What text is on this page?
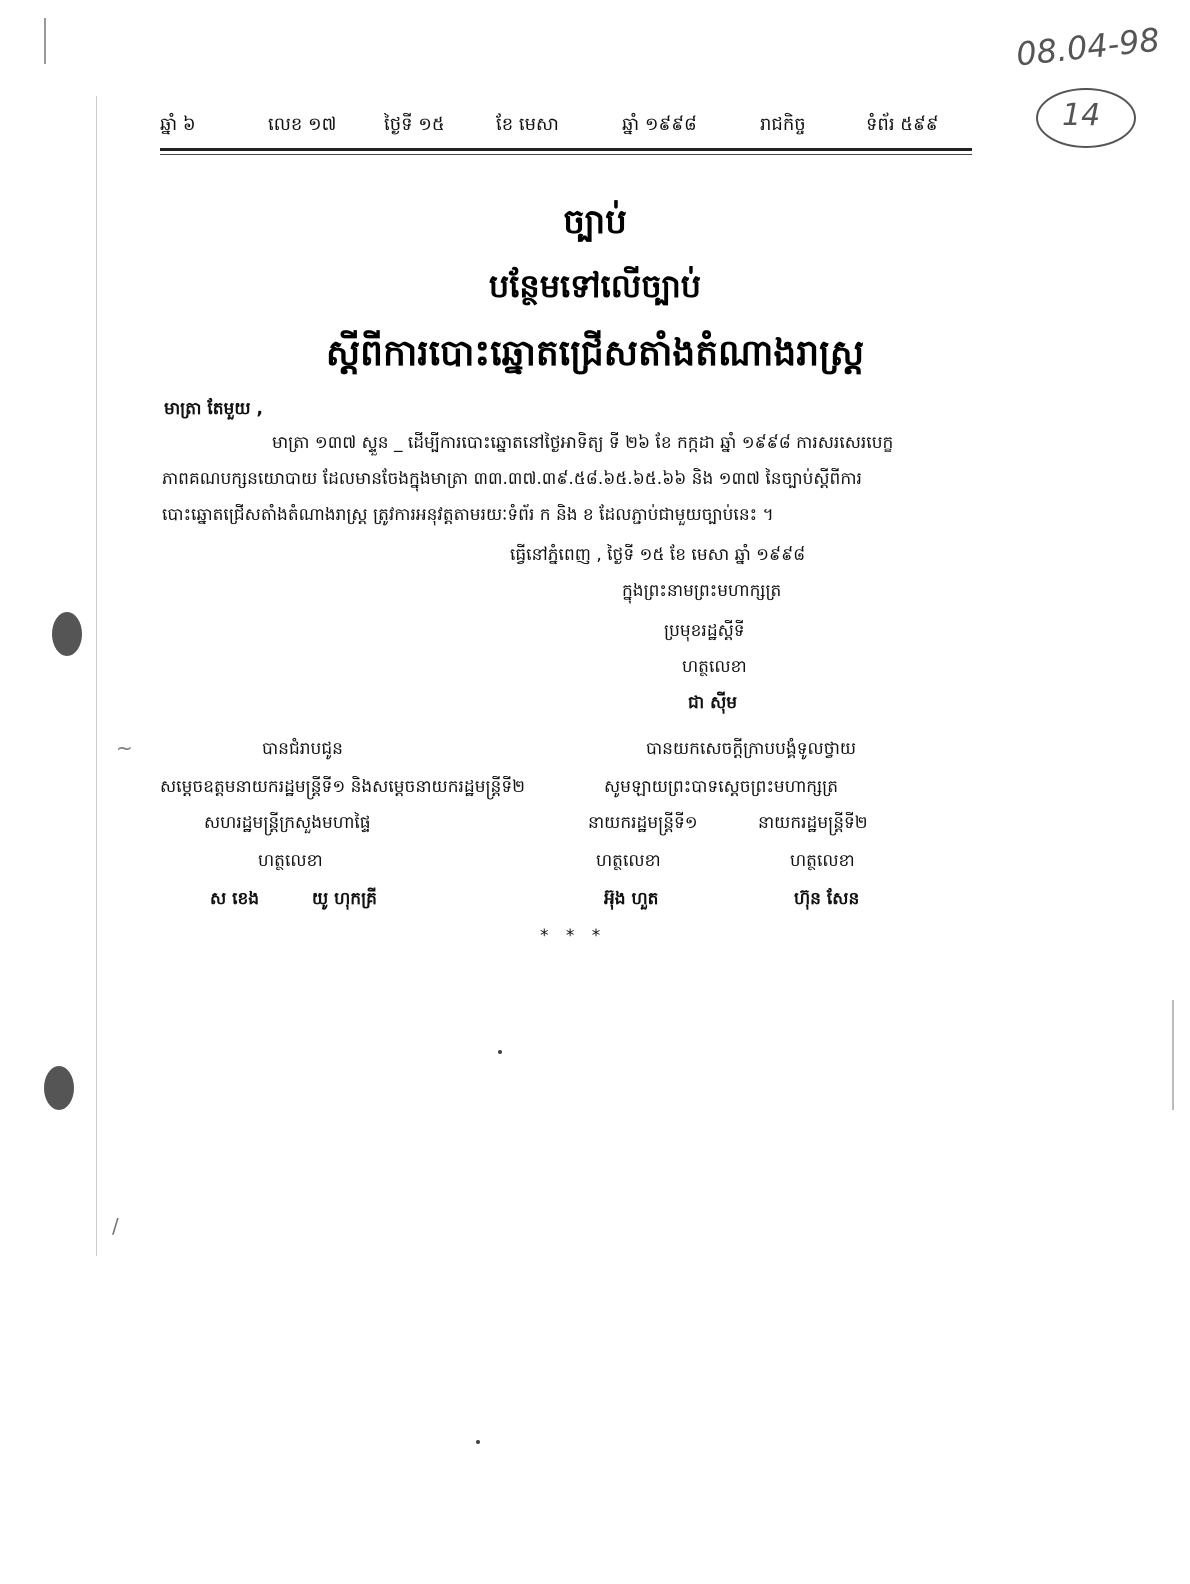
08.04-98
14
ឆ្នាំ ៦	លេខ ១៧	ថ្ងៃទី ១៥	ខែ មេសា	ឆ្នាំ ១៩៩៨	រាជកិច្ច	ទំព័រ ៥៩៩
ច្បាប់
បន្ថែមទៅលើច្បាប់
ស្តីពីការបោះឆ្នោតជ្រើសតាំងតំណាងរាស្ត្រ
មាត្រា តែមួយ ,
មាត្រា ១៣៧ ស្ទួន _ ដើម្បីការបោះឆ្នោតនៅថ្ងៃអាទិត្យ ទី ២៦ ខែ កក្កដា ឆ្នាំ ១៩៩៨ ការសរសេរបេក្ខ
ភាពគណបក្សនយោបាយ ដែលមានចែងក្នុងមាត្រា ៣៣.៣៧.៣៩.៥៨.៦៥.៦៥.៦៦ និង ១៣៧ នៃច្បាប់ស្តីពីការ
បោះឆ្នោតជ្រើសតាំងតំណាងរាស្ត្រ ត្រូវការអនុវត្តតាមរយៈទំព័រ ក និង ខ ដែលភ្ជាប់ជាមួយច្បាប់នេះ ។
ធ្វើនៅភ្នំពេញ , ថ្ងៃទី ១៥ ខែ មេសា ឆ្នាំ ១៩៩៨
ក្នុងព្រះនាមព្រះមហាក្សត្រ
ប្រមុខរដ្ឋស្តីទី
ហត្ថលេខា
ជា ស៊ីម
បានជំរាបជូន	បានយកសេចក្តីក្រាបបង្គំទូលថ្វាយ
សម្តេចឧត្តមនាយករដ្ឋមន្ត្រីទី១ និងសម្តេចនាយករដ្ឋមន្ត្រីទី២	សូមឡាយព្រះបាទស្ដេចព្រះមហាក្សត្រ
សហរដ្ឋមន្ត្រីក្រសួងមហាផ្ទៃ	នាយករដ្ឋមន្ត្រីទី១	នាយករដ្ឋមន្ត្រីទី២
ហត្ថលេខា	ហត្ថលេខា	ហត្ថលេខា
ស ខេង	យូ ហុកគ្រី	អ៊ុង ហួត	ហ៊ុន សែន
* * *
~
/
